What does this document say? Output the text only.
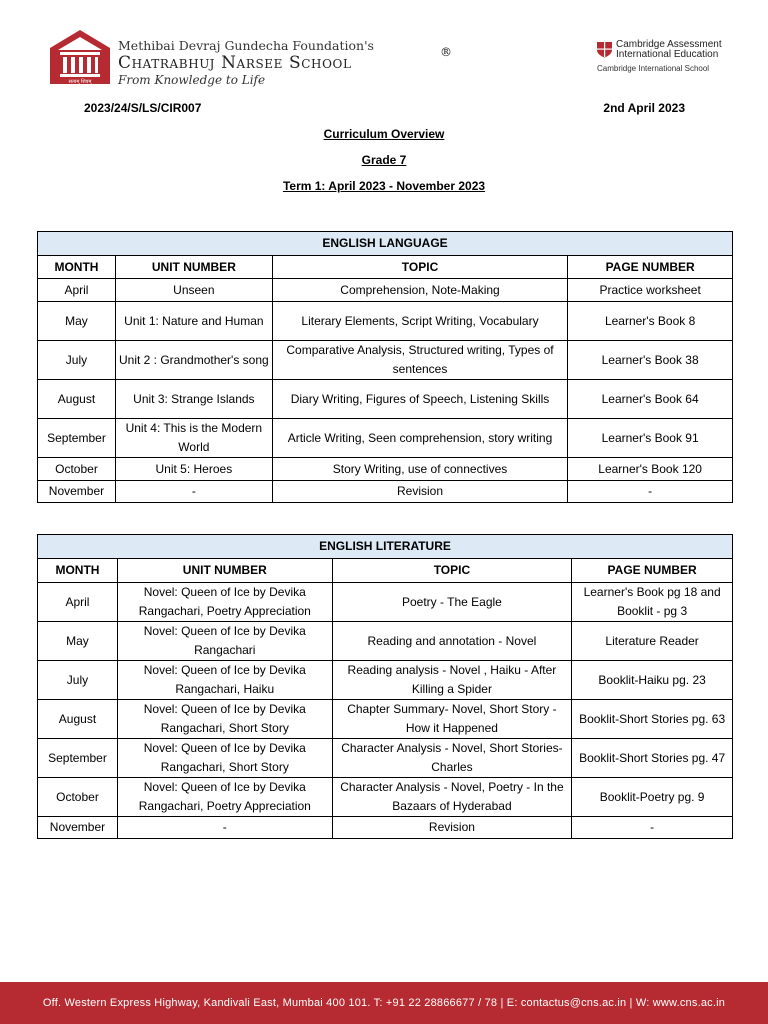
सत्यम् शिवम्
Methibai Devraj Gundecha Foundation's
Chatrabhuj Narsee School
®
From Knowledge to Life
Cambridge Assessment
International Education
Cambridge International School
2023/24/S/LS/CIR007	2nd April 2023
Curriculum Overview
Grade 7
Term 1: April 2023 - November 2023
ENGLISH LANGUAGE			
MONTH	UNIT NUMBER	TOPIC	PAGE NUMBER
April	Unseen	Comprehension, Note-Making	Practice worksheet
May	Unit 1: Nature and Human	Literary Elements, Script Writing, Vocabulary	Learner's Book 8
July	Unit 2 : Grandmother's song	Comparative Analysis, Structured writing, Types of sentences	Learner's Book 38
August	Unit 3: Strange Islands	Diary Writing, Figures of Speech, Listening Skills	Learner's Book 64
September	Unit 4: This is the Modern World	Article Writing, Seen comprehension, story writing	Learner's Book 91
October	Unit 5: Heroes	Story Writing, use of connectives	Learner's Book 120
November	-	Revision	-
ENGLISH LITERATURE			
MONTH	UNIT NUMBER	TOPIC	PAGE NUMBER
April	Novel: Queen of Ice by Devika Rangachari, Poetry Appreciation	Poetry - The Eagle	Learner's Book pg 18 and Booklit - pg 3
May	Novel: Queen of Ice by Devika Rangachari	Reading and annotation - Novel	Literature Reader
July	Novel: Queen of Ice by Devika Rangachari, Haiku	Reading analysis - Novel , Haiku - After Killing a Spider	Booklit-Haiku pg. 23
August	Novel: Queen of Ice by Devika Rangachari, Short Story	Chapter Summary- Novel, Short Story - How it Happened	Booklit-Short Stories pg. 63
September	Novel: Queen of Ice by Devika Rangachari, Short Story	Character Analysis - Novel, Short Stories- Charles	Booklit-Short Stories pg. 47
October	Novel: Queen of Ice by Devika Rangachari, Poetry Appreciation	Character Analysis - Novel, Poetry - In the Bazaars of Hyderabad	Booklit-Poetry pg. 9
November	-	Revision	-
Off. Western Express Highway, Kandivali East, Mumbai 400 101. T: +91 22 28866677 / 78 | E: contactus@cns.ac.in | W: www.cns.ac.in
